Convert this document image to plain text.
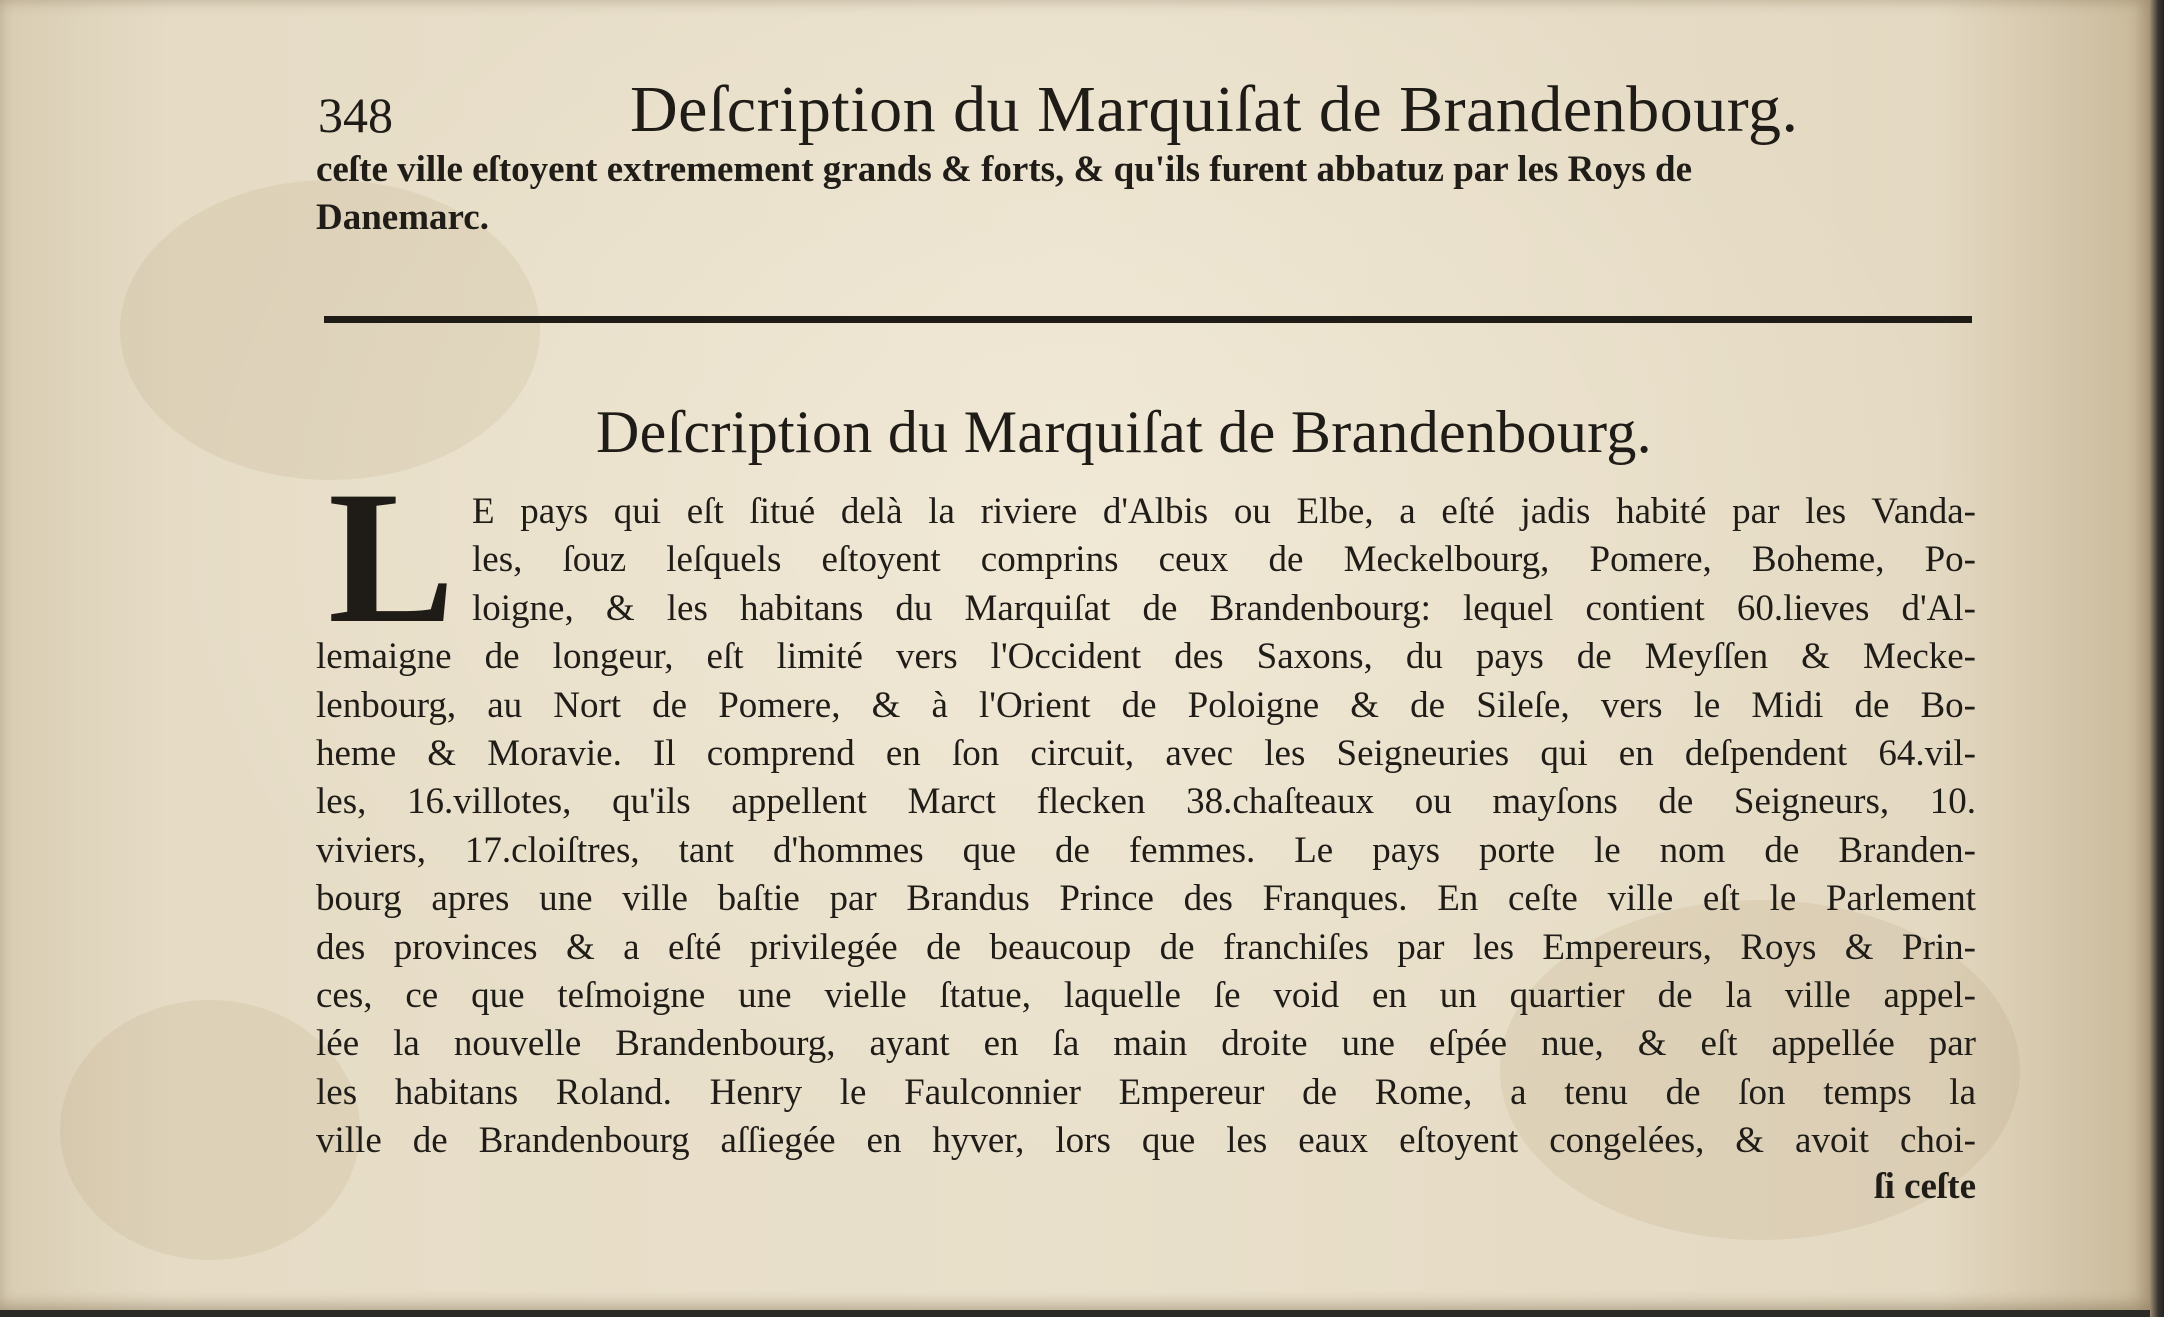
348	Deſcription du Marquiſat de Brandenbourg.
ceſte ville eſtoyent extremement grands & forts, & qu'ils furent abbatuz par les Roys de
Danemarc.
Deſcription du Marquiſat de Brandenbourg.
L E pays qui eſt ſitué delà la riviere d'Albis ou Elbe, a eſté jadis habité par les Vanda-
les, ſouz leſquels eſtoyent comprins ceux de Meckelbourg, Pomere, Boheme, Po-
loigne, & les habitans du Marquiſat de Brandenbourg: lequel contient 60.lieves d'Al-
lemaigne de longeur, eſt limité vers l'Occident des Saxons, du pays de Meyſſen & Mecke-
lenbourg, au Nort de Pomere, & à l'Orient de Poloigne & de Sileſe, vers le Midi de Bo-
heme & Moravie. Il comprend en ſon circuit, avec les Seigneuries qui en deſpendent 64.vil-
les, 16.villotes, qu'ils appellent Marct flecken 38.chaſteaux ou mayſons de Seigneurs, 10.
viviers, 17.cloiſtres, tant d'hommes que de femmes. Le pays porte le nom de Branden-
bourg apres une ville baſtie par Brandus Prince des Franques. En ceſte ville eſt le Parlement
des provinces & a eſté privilegée de beaucoup de franchiſes par les Empereurs, Roys & Prin-
ces, ce que teſmoigne une vielle ſtatue, laquelle ſe void en un quartier de la ville appel-
lée la nouvelle Brandenbourg, ayant en ſa main droite une eſpée nue, & eſt appellée par
les habitans Roland. Henry le Faulconnier Empereur de Rome, a tenu de ſon temps la
ville de Brandenbourg aſſiegée en hyver, lors que les eaux eſtoyent congelées, & avoit choi-
ſi ceſte
